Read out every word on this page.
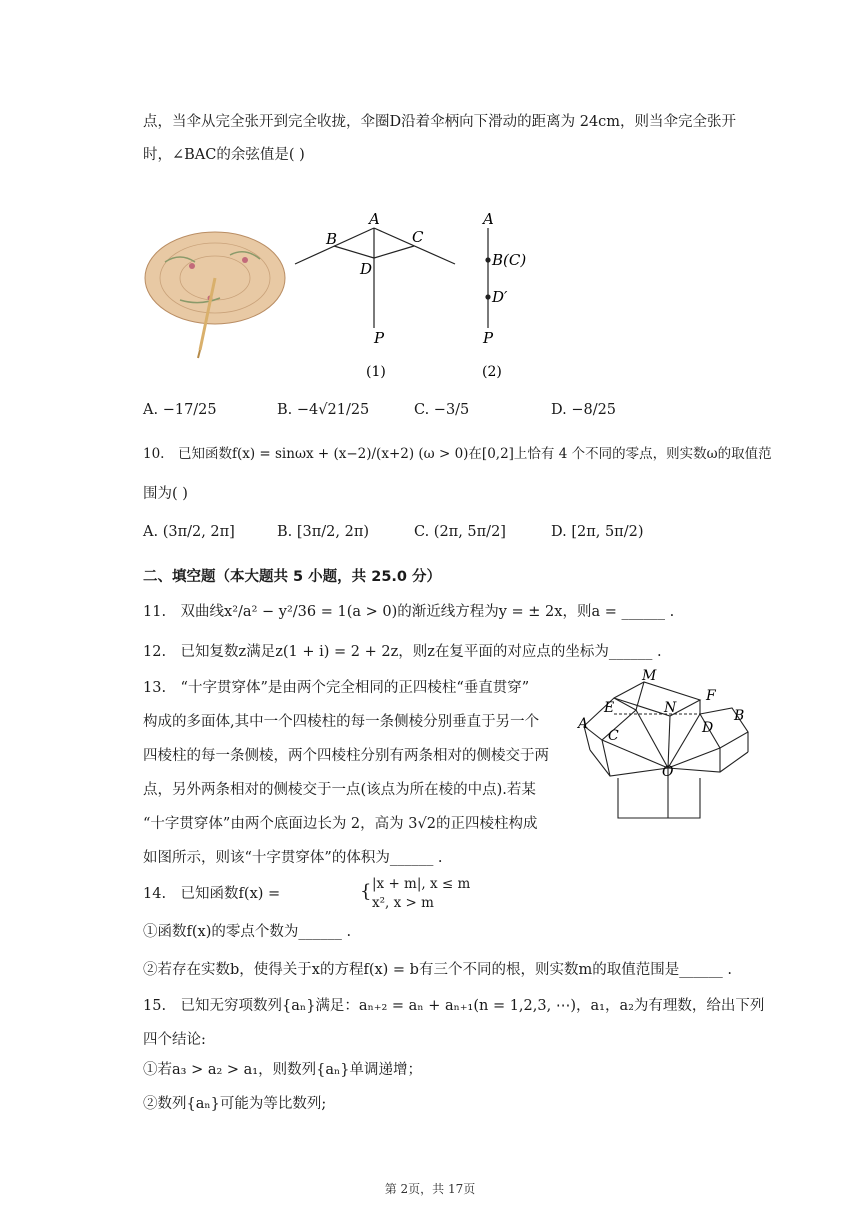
点，当伞从完全张开到完全收拢，伞圈D沿着伞柄向下滑动的距离为 24cm，则当伞完全张开
时，∠BAC的余弦值是( )
A
B	C
D
P
(1)
A
B(C)
D′
P
(2)
A. −17/25	B. −4√21/25	C. −3/5	D. −8/25
10.　已知函数f(x) = sinωx + (x−2)/(x+2) (ω > 0)在[0,2]上恰有 4 个不同的零点，则实数ω的取值范
围为( )
A. (3π/2, 2π]	B. [3π/2, 2π)	C. (2π, 5π/2]	D. [2π, 5π/2)
二、填空题（本大题共 5 小题，共 25.0 分）
11.　双曲线x²/a² − y²/36 = 1(a > 0)的渐近线方程为y = ± 2x，则a = ______ .
12.　已知复数z满足z(1 + i) = 2 + 2z，则z在复平面的对应点的坐标为______ .
13.　“十字贯穿体”是由两个完全相同的正四棱柱“垂直贯穿”
构成的多面体,其中一个四棱柱的每一条侧棱分别垂直于另一个
四棱柱的每一条侧棱，两个四棱柱分别有两条相对的侧棱交于两
点，另外两条相对的侧棱交于一点(该点为所在棱的中点).若某
“十字贯穿体”由两个底面边长为 2，高为 3√2的正四棱柱构成
如图所示，则该“十字贯穿体”的体积为______ .
M
F
E	N
A	B
C	D
O
14.　已知函数f(x) =	{ |x + m|, x ≤ m
x², x > m
①函数f(x)的零点个数为______ .
②若存在实数b，使得关于x的方程f(x) = b有三个不同的根，则实数m的取值范围是______ .
15.　已知无穷项数列{aₙ}满足：aₙ₊₂ = aₙ + aₙ₊₁(n = 1,2,3, ⋯)，a₁，a₂为有理数，给出下列
四个结论:
①若a₃ > a₂ > a₁，则数列{aₙ}单调递增；
②数列{aₙ}可能为等比数列;
第 2页，共 17页
